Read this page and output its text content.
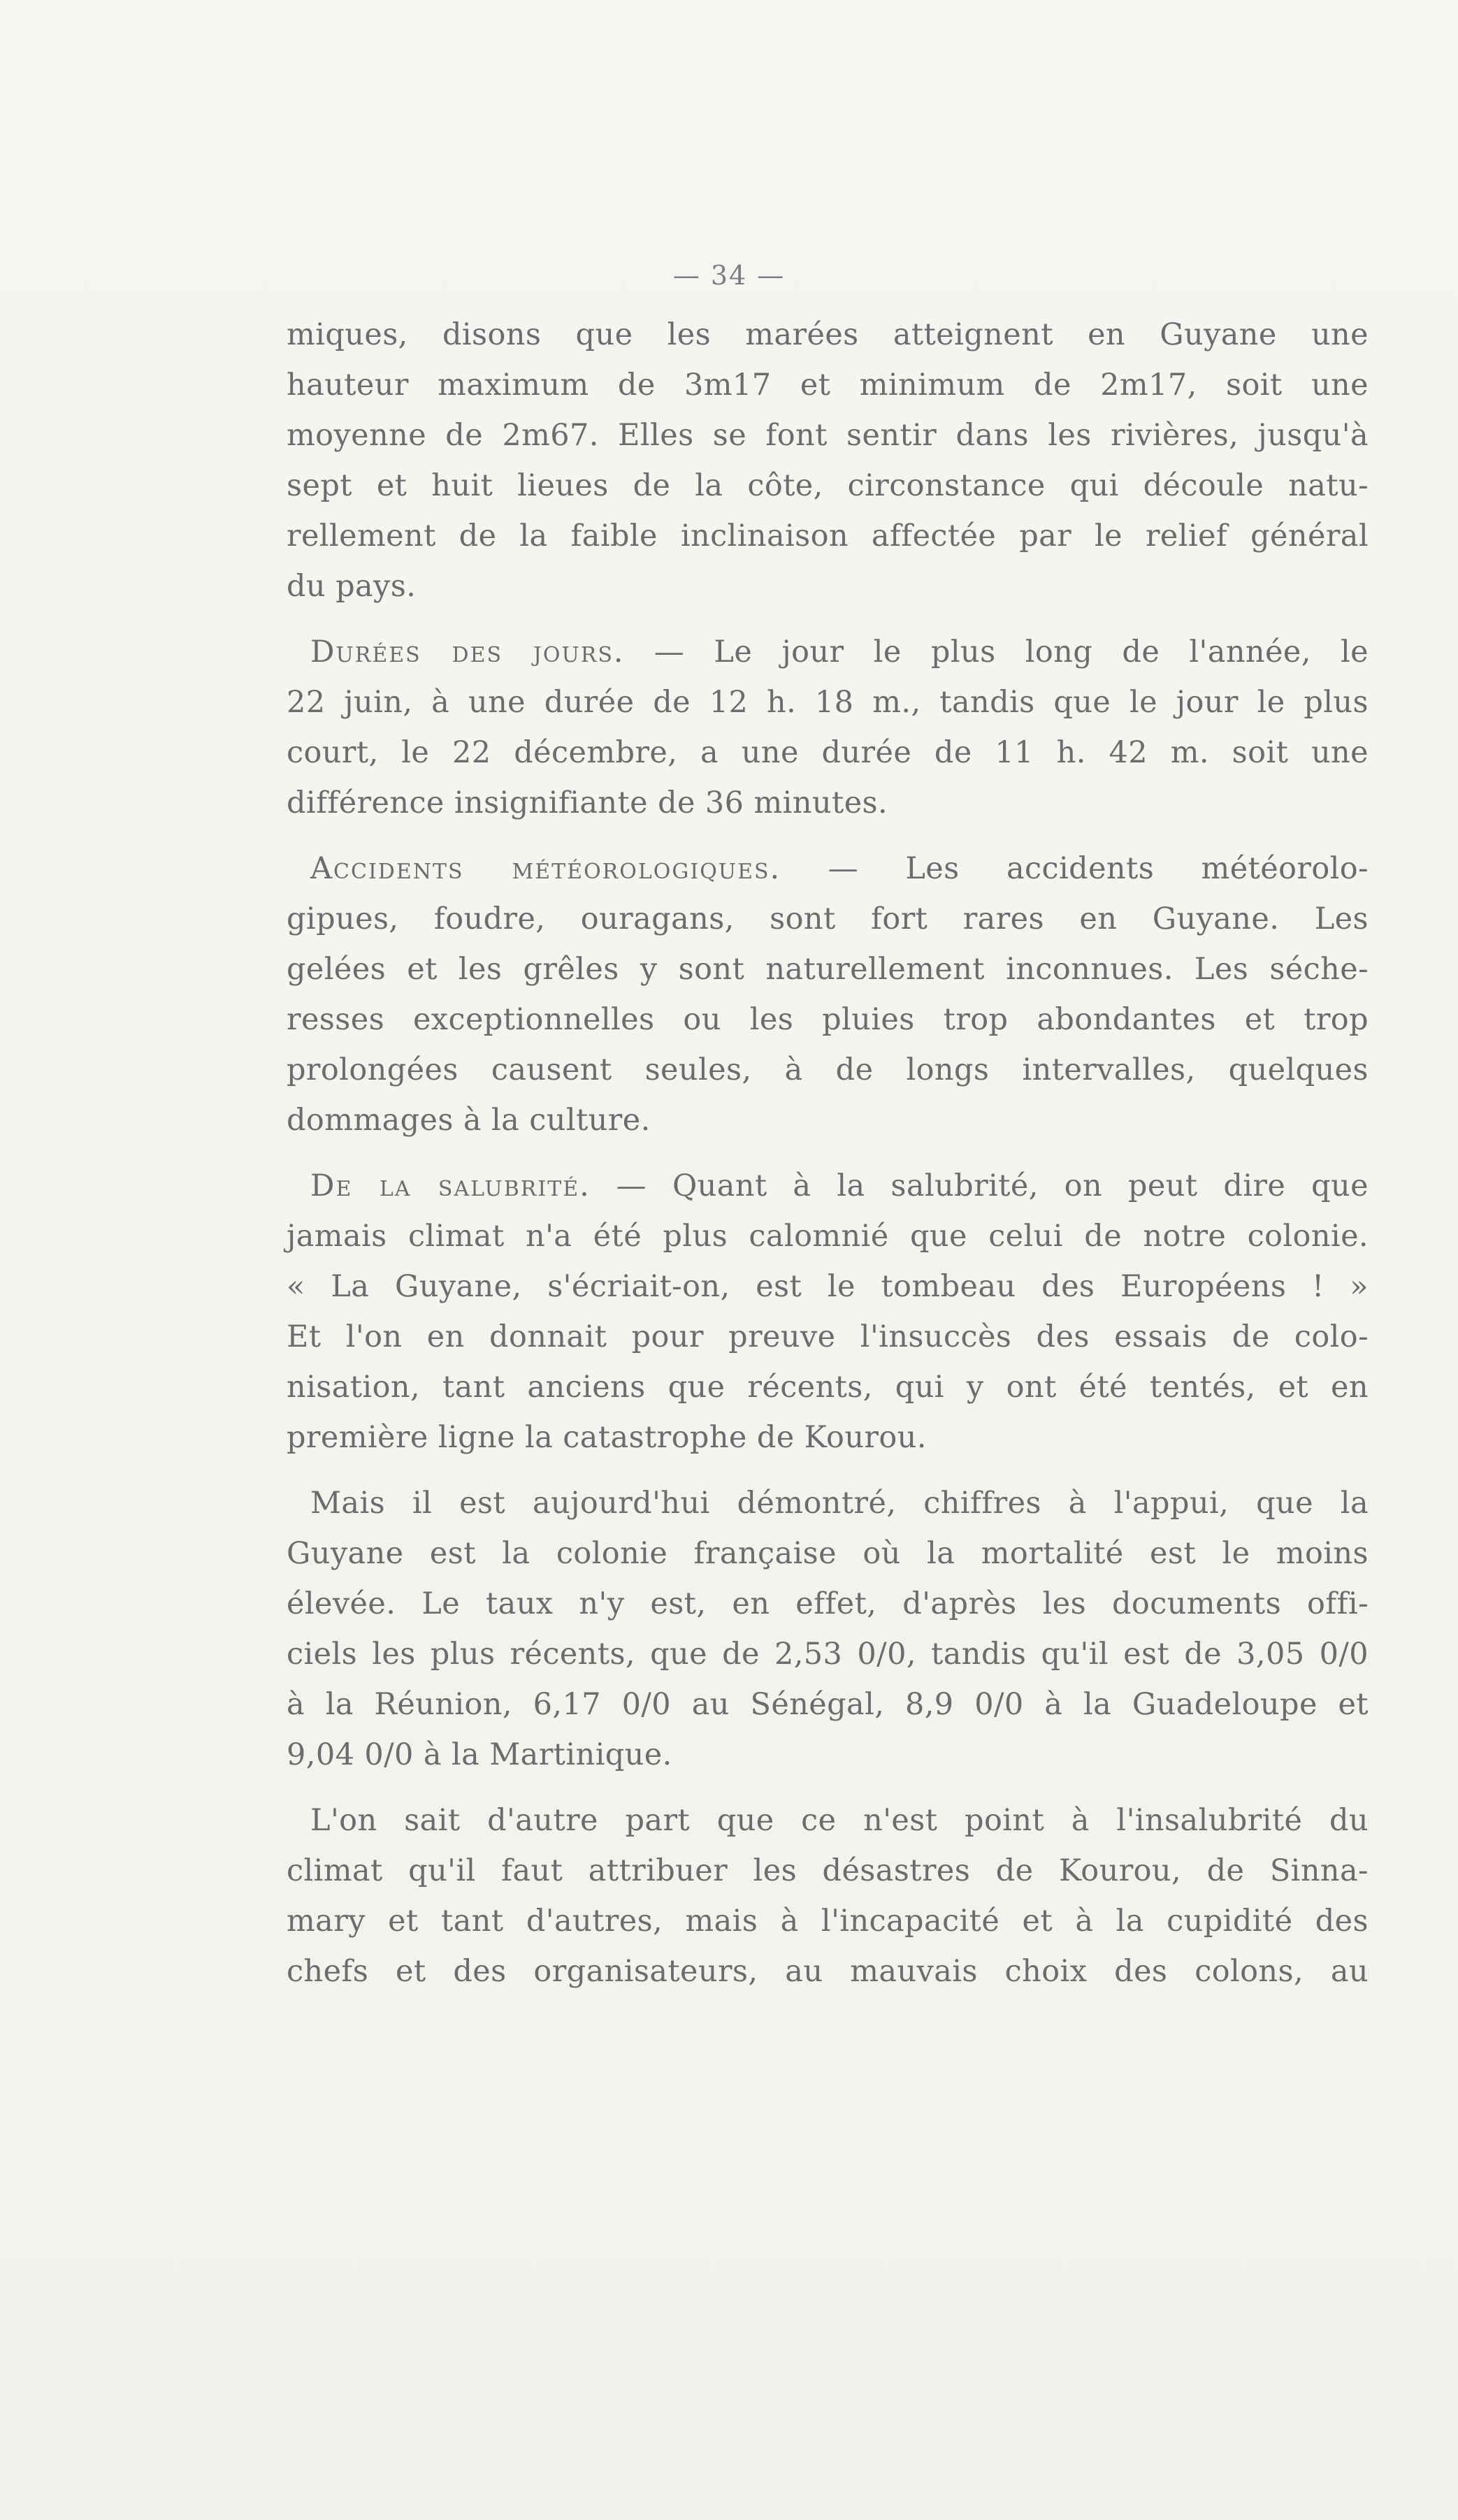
— 34 —
miques, disons que les marées atteignent en Guyane une
hauteur maximum de 3m17 et minimum de 2m17, soit une
moyenne de 2m67. Elles se font sentir dans les rivières, jusqu'à
sept et huit lieues de la côte, circonstance qui découle natu-
rellement de la faible inclinaison affectée par le relief général
du pays.
Durées des jours. — Le jour le plus long de l'année, le
22 juin, à une durée de 12 h. 18 m., tandis que le jour le plus
court, le 22 décembre, a une durée de 11 h. 42 m. soit une
différence insignifiante de 36 minutes.
Accidents météorologiques. — Les accidents météorolo-
gipues, foudre, ouragans, sont fort rares en Guyane. Les
gelées et les grêles y sont naturellement inconnues. Les séche-
resses exceptionnelles ou les pluies trop abondantes et trop
prolongées causent seules, à de longs intervalles, quelques
dommages à la culture.
De la salubrité. — Quant à la salubrité, on peut dire que
jamais climat n'a été plus calomnié que celui de notre colonie.
« La Guyane, s'écriait-on, est le tombeau des Européens ! »
Et l'on en donnait pour preuve l'insuccès des essais de colo-
nisation, tant anciens que récents, qui y ont été tentés, et en
première ligne la catastrophe de Kourou.
Mais il est aujourd'hui démontré, chiffres à l'appui, que la
Guyane est la colonie française où la mortalité est le moins
élevée. Le taux n'y est, en effet, d'après les documents offi-
ciels les plus récents, que de 2,53 0/0, tandis qu'il est de 3,05 0/0
à la Réunion, 6,17 0/0 au Sénégal, 8,9 0/0 à la Guadeloupe et
9,04 0/0 à la Martinique.
L'on sait d'autre part que ce n'est point à l'insalubrité du
climat qu'il faut attribuer les désastres de Kourou, de Sinna-
mary et tant d'autres, mais à l'incapacité et à la cupidité des
chefs et des organisateurs, au mauvais choix des colons, au
